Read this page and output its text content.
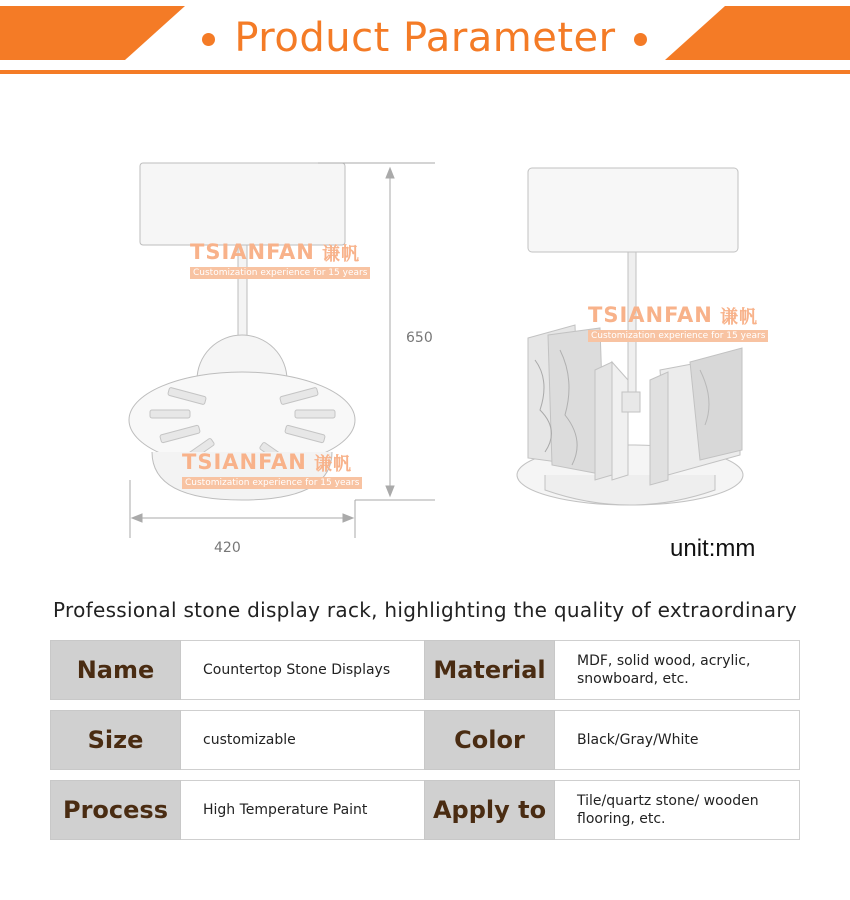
Product Parameter
650
420
TSIANFAN 谦帆
Customization experience for 15 years
TSIANFAN 谦帆
Customization experience for 15 years
TSIANFAN 谦帆
Customization experience for 15 years
unit:mm
Professional stone display rack, highlighting the quality of extraordinary
Name	Countertop Stone Displays	Material	MDF, solid wood, acrylic, snowboard, etc.
Size	customizable	Color	Black/Gray/White
Process	High Temperature Paint	Apply to	Tile/quartz stone/ wooden flooring, etc.
